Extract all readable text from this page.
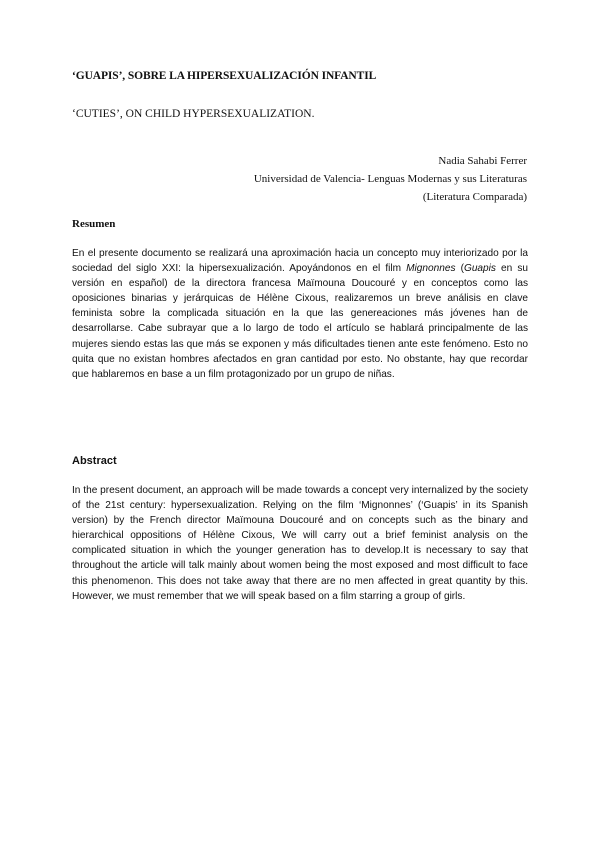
‘GUAPIS’, SOBRE LA HIPERSEXUALIZACIÓN INFANTIL
‘CUTIES’, ON CHILD HYPERSEXUALIZATION.
Nadia Sahabi Ferrer
Universidad de Valencia- Lenguas Modernas y sus Literaturas
(Literatura Comparada)
Resumen

En el presente documento se realizará una aproximación hacia un concepto muy interiorizado por la sociedad del siglo XXI: la hipersexualización. Apoyándonos en el film Mignonnes (Guapis en su versión en español) de la directora francesa Maïmouna Doucouré y en conceptos como las oposiciones binarias y jerárquicas de Hélène Cixous, realizaremos un breve análisis en clave feminista sobre la complicada situación en la que las genereaciones más jóvenes han de desarrollarse. Cabe subrayar que a lo largo de todo el artículo se hablará principalmente de las mujeres siendo estas las que más se exponen y más dificultades tienen ante este fenómeno. Esto no quita que no existan hombres afectados en gran cantidad por esto. No obstante, hay que recordar que hablaremos en base a un film protagonizado por un grupo de niñas.

Abstract

In the present document, an approach will be made towards a concept very internalized by the society of the 21st century: hypersexualization. Relying on the film ‘Mignonnes’ (‘Guapis’ in its Spanish version) by the French director Maïmouna Doucouré and on concepts such as the binary and hierarchical oppositions of Hélène Cixous, We will carry out a brief feminist analysis on the complicated situation in which the younger generation has to develop.It is necessary to say that throughout the article will talk mainly about women being the most exposed and most difficult to face this phenomenon. This does not take away that there are no men affected in great quantity by this. However, we must remember that we will speak based on a film starring a group of girls.
